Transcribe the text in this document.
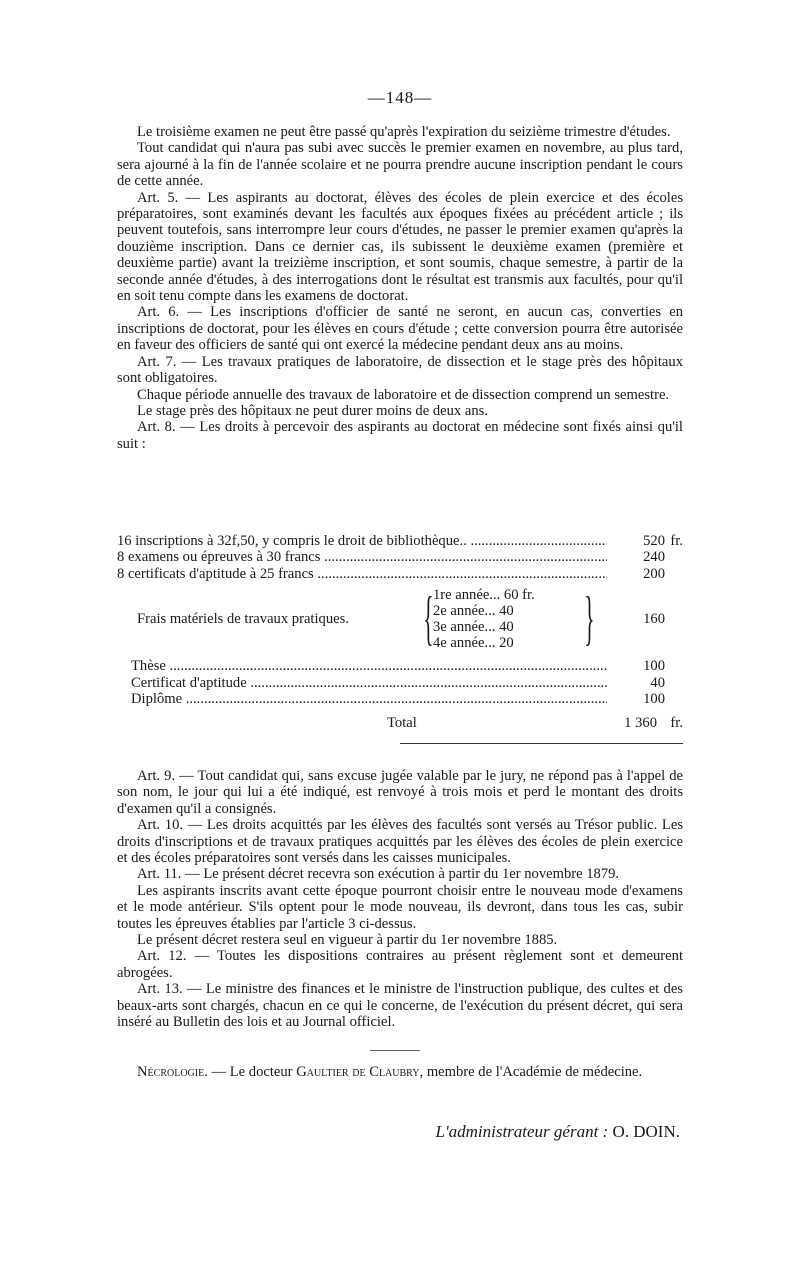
—148—

Le troisième examen ne peut être passé qu'après l'expiration du seizième trimestre d'études.

Tout candidat qui n'aura pas subi avec succès le premier examen en novembre, au plus tard, sera ajourné à la fin de l'année scolaire et ne pourra prendre aucune inscription pendant le cours de cette année.

Art. 5. — Les aspirants au doctorat, élèves des écoles de plein exercice et des écoles préparatoires, sont examinés devant les facultés aux époques fixées au précédent article ; ils peuvent toutefois, sans interrompre leur cours d'études, ne passer le premier examen qu'après la douzième inscription. Dans ce dernier cas, ils subissent le deuxième examen (première et deuxième partie) avant la treizième inscription, et sont soumis, chaque semestre, à partir de la seconde année d'études, à des interrogations dont le résultat est transmis aux facultés, pour qu'il en soit tenu compte dans les examens de doctorat.

Art. 6. — Les inscriptions d'officier de santé ne seront, en aucun cas, converties en inscriptions de doctorat, pour les élèves en cours d'étude ; cette conversion pourra être autorisée en faveur des officiers de santé qui ont exercé la médecine pendant deux ans au moins.

Art. 7. — Les travaux pratiques de laboratoire, de dissection et le stage près des hôpitaux sont obligatoires.

Chaque période annuelle des travaux de laboratoire et de dissection comprend un semestre.

Le stage près des hôpitaux ne peut durer moins de deux ans.

Art. 8. — Les droits à percevoir des aspirants au doctorat en médecine sont fixés ainsi qu'il suit :

16 inscriptions à 32f,50, y compris le droit de bibliothèque.. .....	520 fr.
8 examens ou épreuves à 30 francs .....	240
8 certificats d'aptitude à 25 francs .....	200
Frais matériels de travaux pratiques. { 1re année... 60 fr.
2e année... 40
3e année... 40
4e année... 20	}	160
Thèse .....	100
Certificat d'aptitude .....	40
Diplôme .....	100
Total .....	1 360 fr.

Art. 9. — Tout candidat qui, sans excuse jugée valable par le jury, ne répond pas à l'appel de son nom, le jour qui lui a été indiqué, est renvoyé à trois mois et perd le montant des droits d'examen qu'il a consignés.

Art. 10. — Les droits acquittés par les élèves des facultés sont versés au Trésor public. Les droits d'inscriptions et de travaux pratiques acquittés par les élèves des écoles de plein exercice et des écoles préparatoires sont versés dans les caisses municipales.

Art. 11. — Le présent décret recevra son exécution à partir du 1er novembre 1879.

Les aspirants inscrits avant cette époque pourront choisir entre le nouveau mode d'examens et le mode antérieur. S'ils optent pour le mode nouveau, ils devront, dans tous les cas, subir toutes les épreuves établies par l'article 3 ci-dessus.

Le présent décret restera seul en vigueur à partir du 1er novembre 1885.

Art. 12. — Toutes les dispositions contraires au présent règlement sont et demeurent abrogées.

Art. 13. — Le ministre des finances et le ministre de l'instruction publique, des cultes et des beaux-arts sont chargés, chacun en ce qui le concerne, de l'exécution du présent décret, qui sera inséré au Bulletin des lois et au Journal officiel.

Nécrologie. — Le docteur Gaultier de Claubry, membre de l'Académie de médecine.

L'administrateur gérant : O. DOIN.
